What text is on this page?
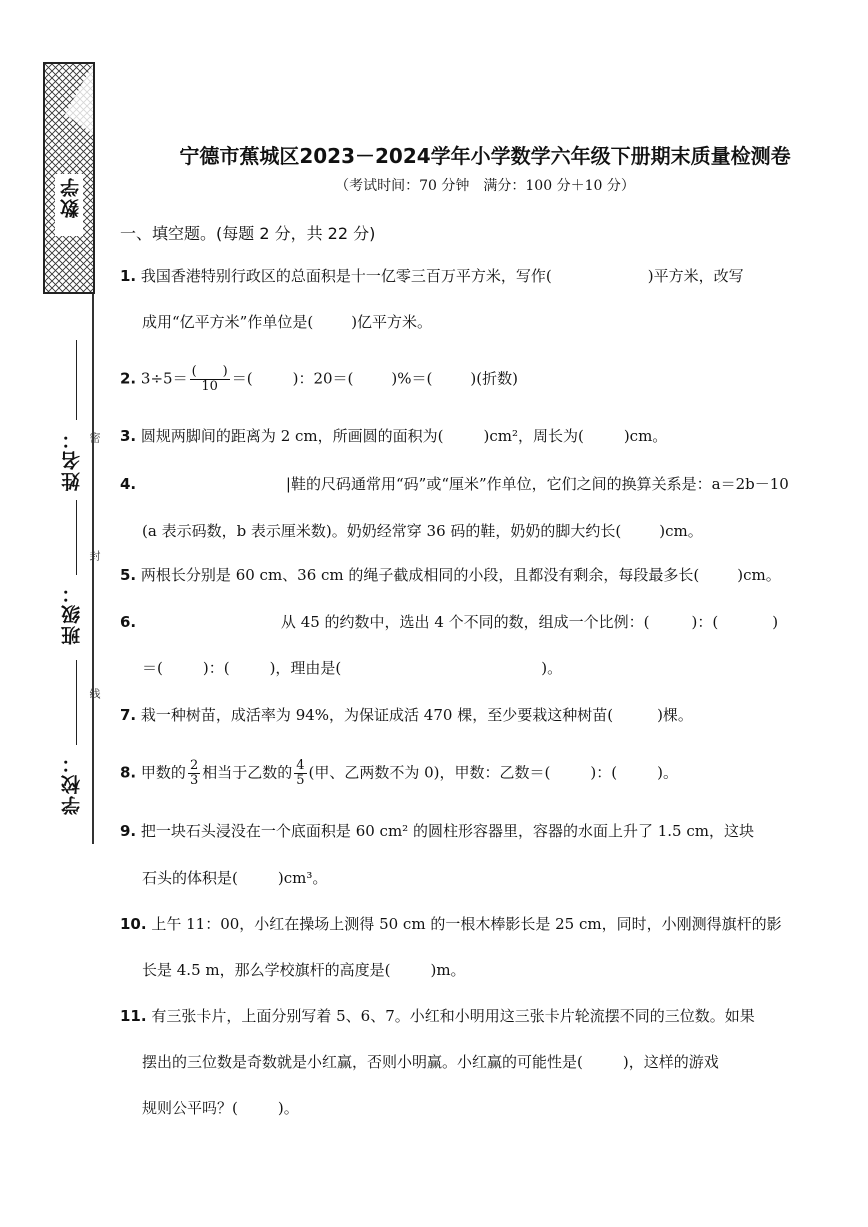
数学
姓名： 密
班级：
封
学校：
线
宁德市蕉城区2023－2024学年小学数学六年级下册期末质量检测卷
（考试时间：70 分钟　满分：100 分＋10 分）
一、填空题。(每题 2 分，共 22 分)
1. 我国香港特别行政区的总面积是十一亿零三百万平方米，写作(	)平方米，改写
成用“亿平方米”作单位是(	)亿平方米。
2. $3\div 5= \frac{( )}{10}$ ＝(	)：20＝(	)%＝(	)(折数)
3. 圆规两脚间的距离为 2 cm，所画圆的面积为(	)cm²，周长为(	)cm。
4.	|鞋的尺码通常用“码”或“厘米”作单位，它们之间的换算关系是：a＝2b－10
(a 表示码数，b 表示厘米数)。奶奶经常穿 36 码的鞋，奶奶的脚大约长(	)cm。
5. 两根长分别是 60 cm、36 cm 的绳子截成相同的小段，且都没有剩余，每段最多长(	)cm。
6.	从 45 的约数中，选出 4 个不同的数，组成一个比例：(	)：(	)
＝(	)：(	)，理由是(	)。
7. 栽一种树苗，成活率为 94%，为保证成活 470 棵，至少要栽这种树苗(	)棵。
8. 甲数的 $\frac{2}{3}$ 相当于乙数的 $\frac{4}{5}$ (甲、乙两数不为 0)，甲数：乙数＝(	)：(	)。
9. 把一块石头浸没在一个底面积是 60 cm² 的圆柱形容器里，容器的水面上升了 1.5 cm，这块
石头的体积是(	)cm³。
10. 上午 11：00，小红在操场上测得 50 cm 的一根木棒影长是 25 cm，同时，小刚测得旗杆的影
长是 4.5 m，那么学校旗杆的高度是(	)m。
11. 有三张卡片，上面分别写着 5、6、7。小红和小明用这三张卡片轮流摆不同的三位数。如果
摆出的三位数是奇数就是小红赢，否则小明赢。小红赢的可能性是(	)，这样的游戏
规则公平吗？(	)。
